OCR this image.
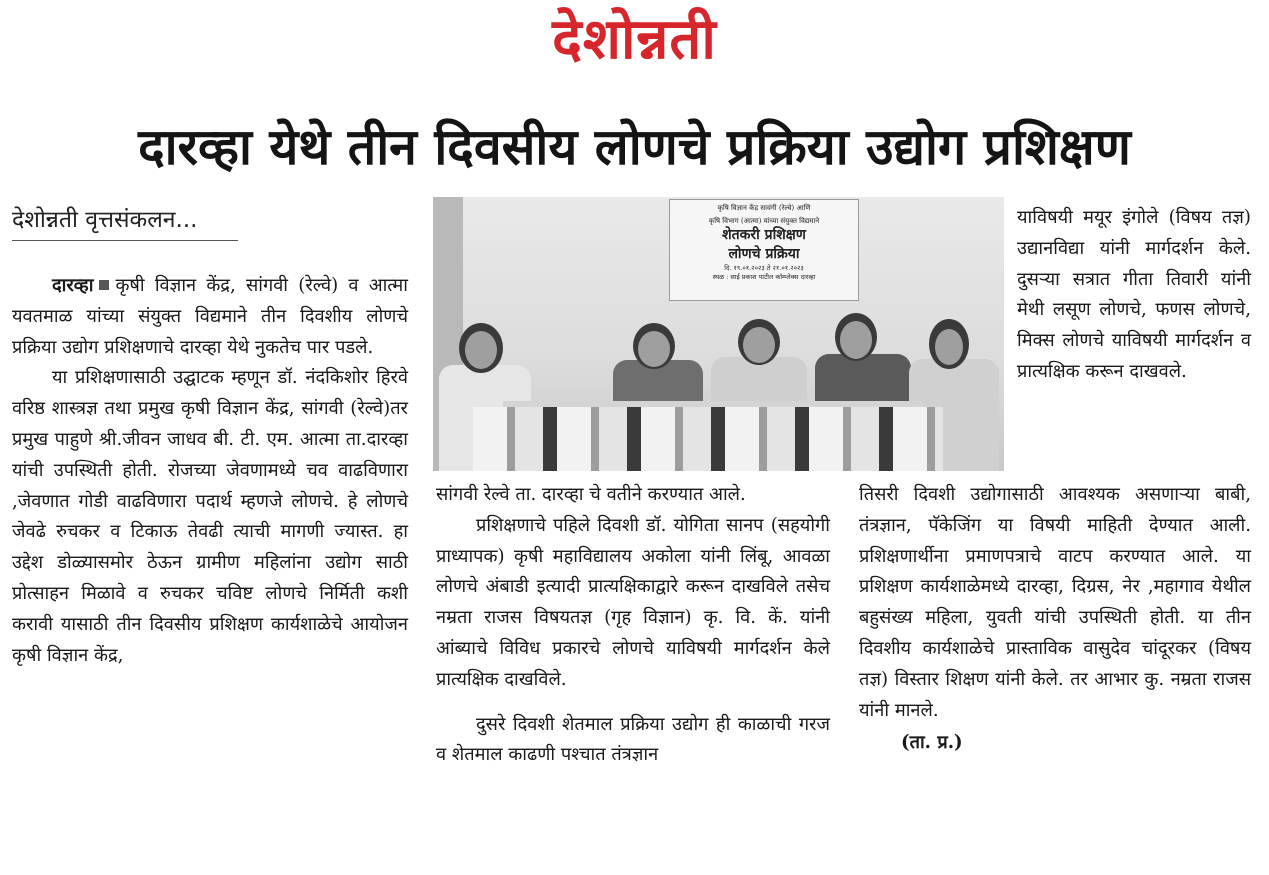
देशोन्नती
दारव्हा येथे तीन दिवसीय लोणचे प्रक्रिया उद्योग प्रशिक्षण
देशोन्नती वृत्तसंकलन...

दारव्हा कृषी विज्ञान केंद्र, सांगवी (रेल्वे) व आत्मा यवतमाळ यांच्या संयुक्त विद्यमाने तीन दिवशीय लोणचे प्रक्रिया उद्योग प्रशिक्षणाचे दारव्हा येथे नुकतेच पार पडले.

या प्रशिक्षणासाठी उद्घाटक म्हणून डॉ. नंदकिशोर हिरवे वरिष्ठ शास्त्रज्ञ तथा प्रमुख कृषी विज्ञान केंद्र, सांगवी (रेल्वे)तर प्रमुख पाहुणे श्री.जीवन जाधव बी. टी. एम. आत्मा ता.दारव्हा यांची उपस्थिती होती. रोजच्या जेवणामध्ये चव वाढविणारा ,जेवणात गोडी वाढविणारा पदार्थ म्हणजे लोणचे. हे लोणचे जेवढे रुचकर व टिकाऊ तेवढी त्याची मागणी ज्यास्त. हा उद्देश डोळ्यासमोर ठेऊन ग्रामीण महिलांना उद्योग साठी प्रोत्साहन मिळावे व रुचकर चविष्ट लोणचे निर्मिती कशी करावी यासाठी तीन दिवसीय प्रशिक्षण कार्यशाळेचे आयोजन कृषी विज्ञान केंद्र,

कृषि विज्ञान केंद्र सावंगी (रेल्वे) आणि
कृषि विभाग (आत्मा) यांच्या संयुक्त विद्यमाने
शेतकरी प्रशिक्षण
लोणचे प्रक्रिया
दि. १९.०१.२०२३ ते २१.०१.२०२३
स्थळ : साई प्रकाश पाटील कॉम्प्लेक्स दारव्हा

याविषयी मयूर इंगोले (विषय तज्ञ) उद्यानविद्या यांनी मार्गदर्शन केले. दुसऱ्या सत्रात गीता तिवारी यांनी मेथी लसूण लोणचे, फणस लोणचे, मिक्स लोणचे याविषयी मार्गदर्शन व प्रात्यक्षिक करून दाखवले.

सांगवी रेल्वे ता. दारव्हा चे वतीने करण्यात आले.

प्रशिक्षणाचे पहिले दिवशी डॉ. योगिता सानप (सहयोगी प्राध्यापक) कृषी महाविद्यालय अकोला यांनी लिंबू, आवळा लोणचे अंबाडी इत्यादी प्रात्यक्षिकाद्वारे करून दाखविले तसेच नम्रता राजस विषयतज्ञ (गृह विज्ञान) कृ. वि. कें. यांनी आंब्याचे विविध प्रकारचे लोणचे याविषयी मार्गदर्शन केले प्रात्यक्षिक दाखविले.

दुसरे दिवशी शेतमाल प्रक्रिया उद्योग ही काळाची गरज व शेतमाल काढणी पश्चात तंत्रज्ञान

तिसरी दिवशी उद्योगासाठी आवश्यक असणाऱ्या बाबी, तंत्रज्ञान, पॅकेजिंग या विषयी माहिती देण्यात आली. प्रशिक्षणार्थीना प्रमाणपत्राचे वाटप करण्यात आले. या प्रशिक्षण कार्यशाळेमध्ये दारव्हा, दिग्रस, नेर ,महागाव येथील बहुसंख्य महिला, युवती यांची उपस्थिती होती. या तीन दिवशीय कार्यशाळेचे प्रास्ताविक वासुदेव चांदूरकर (विषय तज्ञ) विस्तार शिक्षण यांनी केले. तर आभार कु. नम्रता राजस यांनी मानले.

(ता. प्र.)
